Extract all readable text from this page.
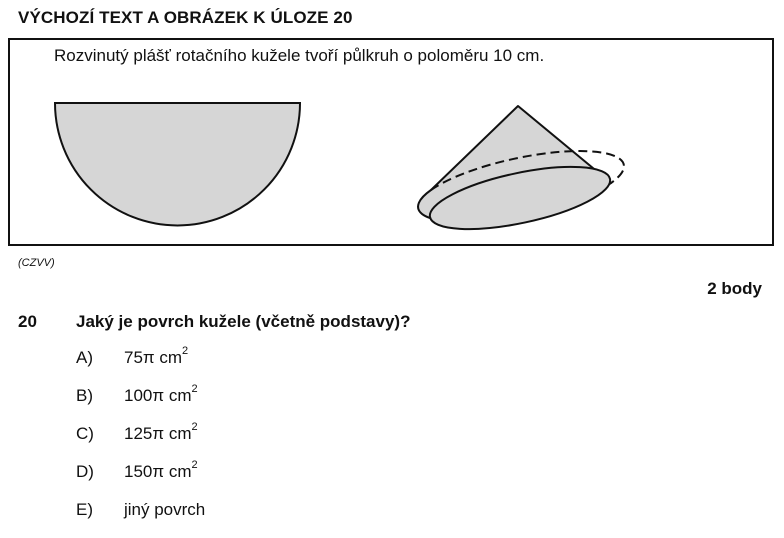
VÝCHOZÍ TEXT A OBRÁZEK K ÚLOZE 20
Rozvinutý plášť rotačního kužele tvoří půlkruh o poloměru 10 cm.
(CZVV)
2 body
20 Jaký je povrch kužele (včetně podstavy)?
A) 75π $cm^2$
B) 100π $cm^2$
C) 125π $cm^2$
D) 150π $cm^2$
E) jiný povrch
